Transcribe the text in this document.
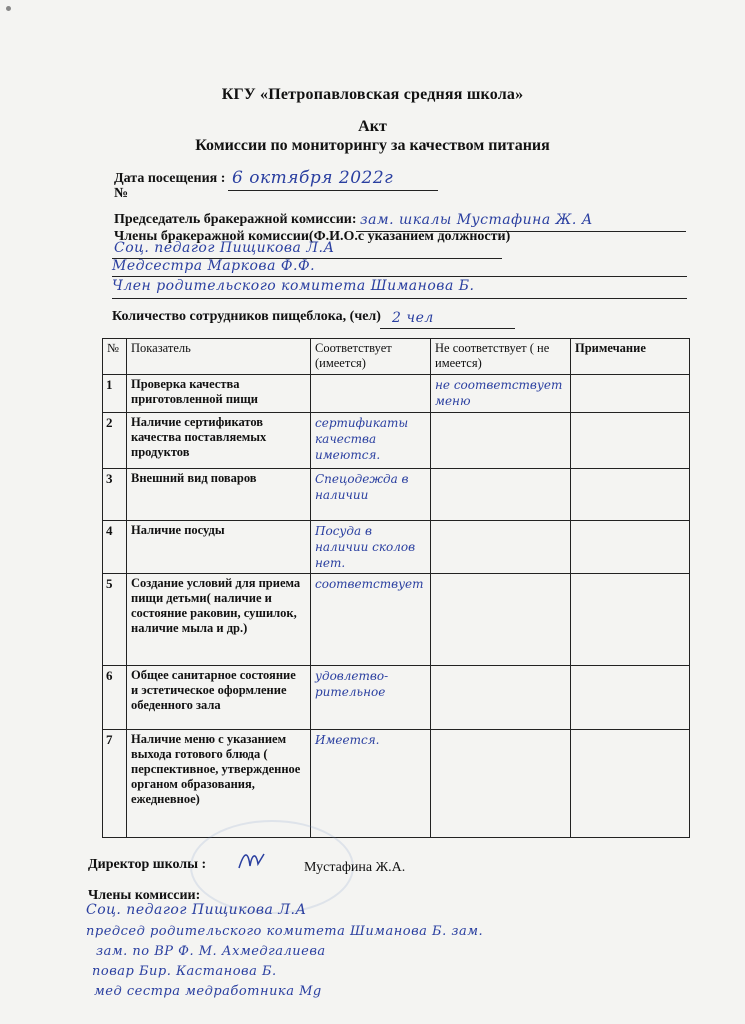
КГУ «Петропавловская средняя школа»
Акт
Комиссии по мониторингу за качеством питания
Дата посещения : 6 октября 2022г
№
Председатель бракеражной комиссии: зам. шкалы Мустафина Ж. А
Члены бракеражной комиссии(Ф.И.О.с указанием должности)
Соц. педагог Пищикова Л.А
Медсестра Маркова Ф.Ф.
Член родительского комитета Шимановa Б.
Количество сотрудников пищеблока, (чел) 2 чел
№	Показатель	Соответствует (имеется)	Не соответствует ( не имеется)	Примечание
1	Проверка качества приготовленной пищи		не соответствует меню	
2	Наличие сертификатов качества поставляемых продуктов	сертификаты качества имеются.		
3	Внешний вид поваров	Спецодежда в наличии		
4	Наличие посуды	Посуда в наличии сколов нет.		
5	Создание условий для приема пищи детьми( наличие и состояние раковин, сушилок, наличие мыла и др.)	соответствует		
6	Общее санитарное состояние и эстетическое оформление обеденного зала	удовлетво-рительное		
7	Наличие меню с указанием выхода готового блюда ( перспективное, утвержденное органом образования, ежедневное)	Имеется.		
Директор школы :	Мустафина Ж.А.
Члены комиссии:
Соц. педагог Пищикова Л.А
председ родительского комитета Шиманова Б. зам.
зам. по ВР Ф. М. Ахмедгалиева
повар Бир. Кастанова Б.
мед сестра медработника Мg
